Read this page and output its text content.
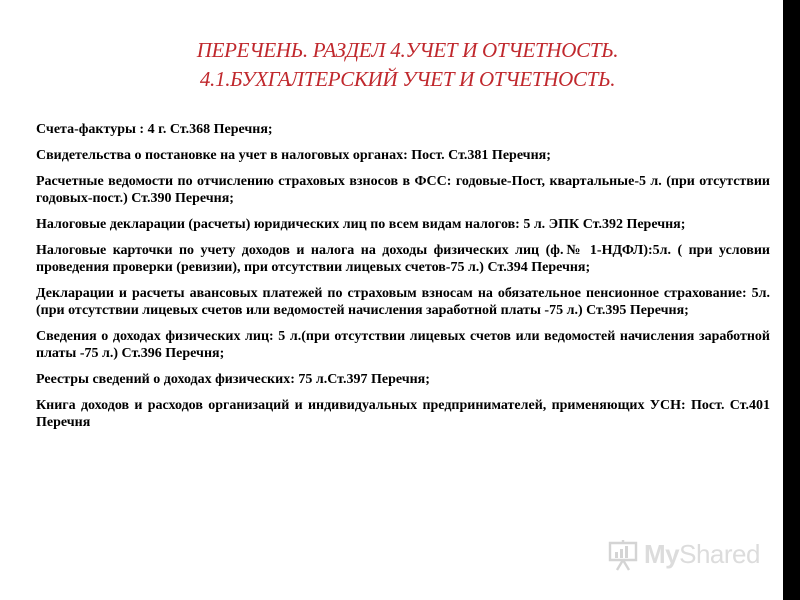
ПЕРЕЧЕНЬ. РАЗДЕЛ 4.УЧЕТ И ОТЧЕТНОСТЬ.
4.1.БУХГАЛТЕРСКИЙ УЧЕТ И ОТЧЕТНОСТЬ.

Счета-фактуры : 4 г. Ст.368 Перечня;

Свидетельства о постановке на учет в налоговых органах: Пост. Ст.381 Перечня;

Расчетные ведомости по отчислению страховых взносов в ФСС: годовые-Пост, квартальные-5 л. (при отсутствии годовых-пост.) Ст.390 Перечня;

Налоговые декларации (расчеты) юридических лиц по всем видам налогов: 5 л. ЭПК Ст.392 Перечня;

Налоговые карточки по учету доходов и налога на доходы физических лиц (ф.№ 1-НДФЛ):5л. ( при условии проведения проверки (ревизии), при отсутствии лицевых счетов-75 л.) Ст.394 Перечня;

Декларации и расчеты авансовых платежей по страховым взносам на обязательное пенсионное страхование: 5л.(при отсутствии лицевых счетов или ведомостей начисления заработной платы -75 л.) Ст.395 Перечня;

Сведения о доходах физических лиц: 5 л.(при отсутствии лицевых счетов или ведомостей начисления заработной платы -75 л.) Ст.396 Перечня;

Реестры сведений о доходах физических: 75 л.Ст.397 Перечня;

Книга доходов и расходов организаций и индивидуальных предпринимателей, применяющих УСН: Пост. Ст.401 Перечня

MyShared
